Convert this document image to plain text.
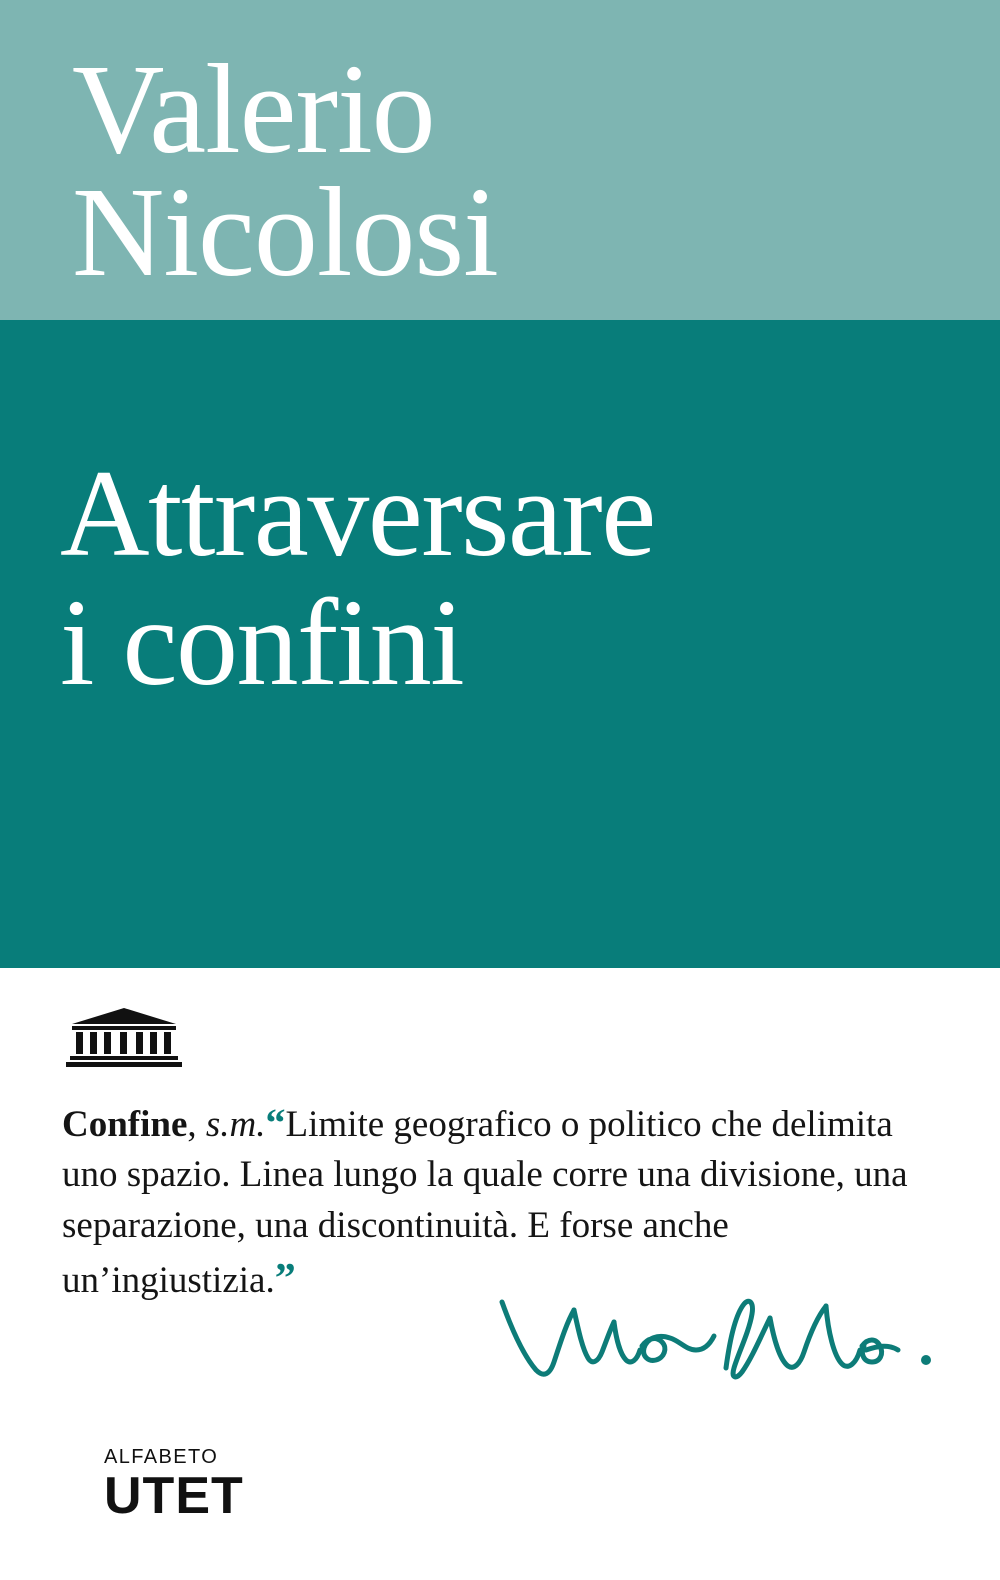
Valerio
Nicolosi
Attraversare
i confini
Confine, s.m.“Limite geografico o politico che delimita uno spazio. Linea lungo la quale corre una divisione, una separazione, una discontinuità. E forse anche un’ingiustizia.”
ALFABETO
UTET
